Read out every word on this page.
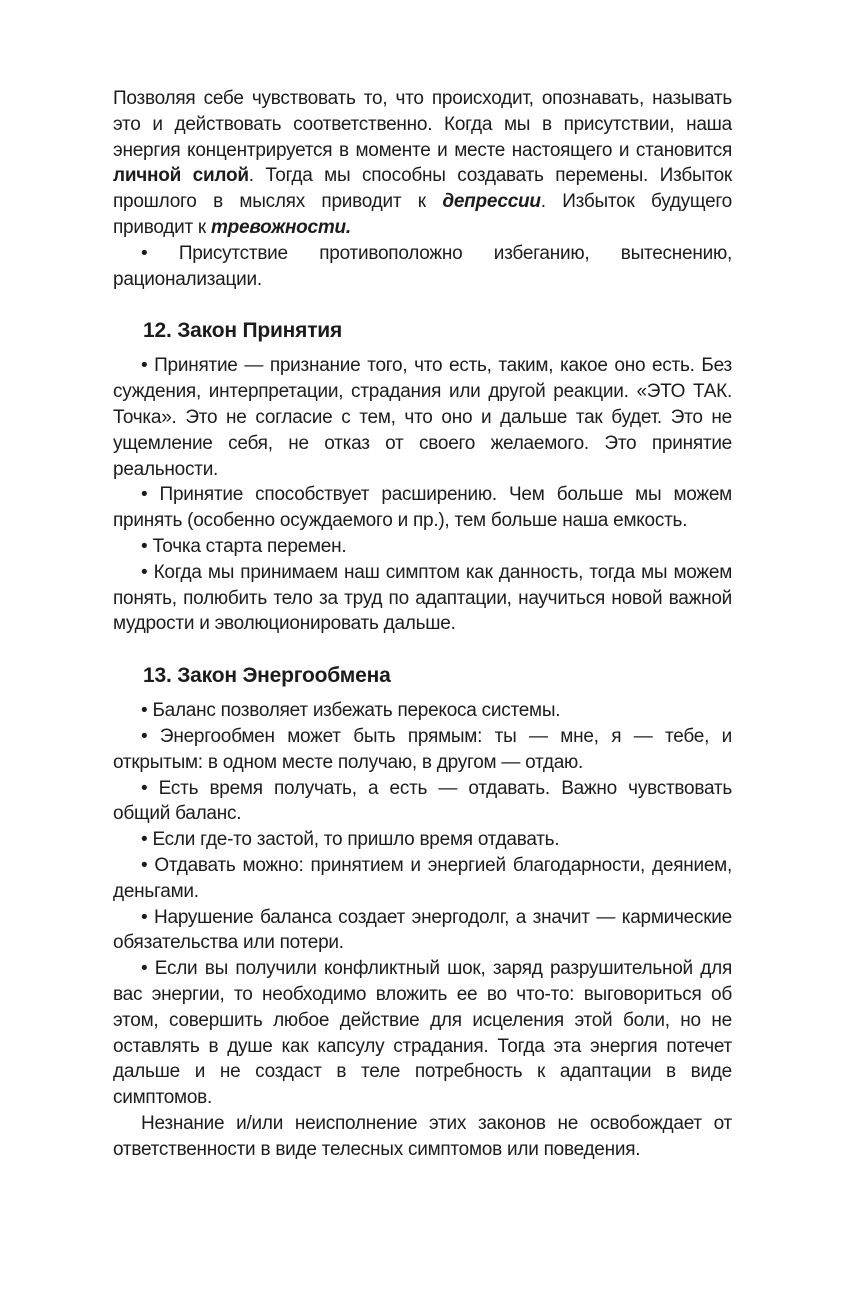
Позволяя себе чувствовать то, что происходит, опознавать, называть это и действовать соответственно. Когда мы в присутствии, наша энергия концентрируется в моменте и месте настоящего и становится личной силой. Тогда мы способны создавать перемены. Избыток прошлого в мыслях приводит к депрессии. Избыток будущего приводит к тревожности.

• Присутствие противоположно избеганию, вытеснению, рационализации.

12. Закон Принятия

• Принятие — признание того, что есть, таким, какое оно есть. Без суждения, интерпретации, страдания или другой реакции. «ЭТО ТАК. Точка». Это не согласие с тем, что оно и дальше так будет. Это не ущемление себя, не отказ от своего желаемого. Это принятие реальности.

• Принятие способствует расширению. Чем больше мы можем принять (особенно осуждаемого и пр.), тем больше наша емкость.

• Точка старта перемен.

• Когда мы принимаем наш симптом как данность, тогда мы можем понять, полюбить тело за труд по адаптации, научиться новой важной мудрости и эволюционировать дальше.

13. Закон Энергообмена

• Баланс позволяет избежать перекоса системы.

• Энергообмен может быть прямым: ты — мне, я — тебе, и открытым: в одном месте получаю, в другом — отдаю.

• Есть время получать, а есть — отдавать. Важно чувствовать общий баланс.

• Если где-то застой, то пришло время отдавать.

• Отдавать можно: принятием и энергией благодарности, деянием, деньгами.

• Нарушение баланса создает энергодолг, а значит — кармические обязательства или потери.

• Если вы получили конфликтный шок, заряд разрушительной для вас энергии, то необходимо вложить ее во что-то: выговориться об этом, совершить любое действие для исцеления этой боли, но не оставлять в душе как капсулу страдания. Тогда эта энергия потечет дальше и не создаст в теле потребность к адаптации в виде симптомов.

Незнание и/или неисполнение этих законов не освобождает от ответственности в виде телесных симптомов или поведения.
